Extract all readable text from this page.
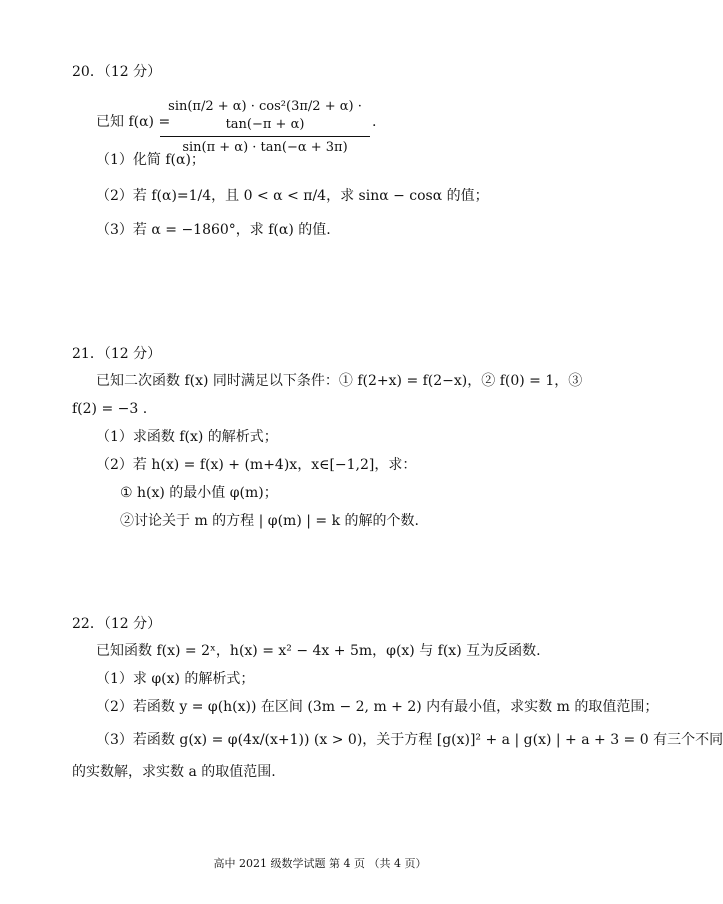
20．（12 分）
已知 f(α) =
sin(π/2 + α) · cos²(3π/2 + α) · tan(−π + α)
sin(π + α) · tan(−α + 3π)
.
（1）化简 f(α)；
（2）若 f(α)=1/4，且 0 < α < π/4，求 sinα − cosα 的值；
（3）若 α = −1860°，求 f(α) 的值.
21．（12 分）
已知二次函数 f(x) 同时满足以下条件：① f(2+x) = f(2−x)，② f(0) = 1，③
f(2) = −3 .
（1）求函数 f(x) 的解析式；
（2）若 h(x) = f(x) + (m+4)x，x∈[−1,2]，求：
① h(x) 的最小值 φ(m)；
②讨论关于 m 的方程 | φ(m) | = k 的解的个数.
22．（12 分）
已知函数 f(x) = 2ˣ，h(x) = x² − 4x + 5m，φ(x) 与 f(x) 互为反函数.
（1）求 φ(x) 的解析式；
（2）若函数 y = φ(h(x)) 在区间 (3m − 2, m + 2) 内有最小值，求实数 m 的取值范围；
（3）若函数 g(x) = φ(4x/(x+1)) (x > 0)，关于方程 [g(x)]² + a | g(x) | + a + 3 = 0 有三个不同
的实数解，求实数 a 的取值范围.
高中 2021 级数学试题 第 4 页 （共 4 页）
